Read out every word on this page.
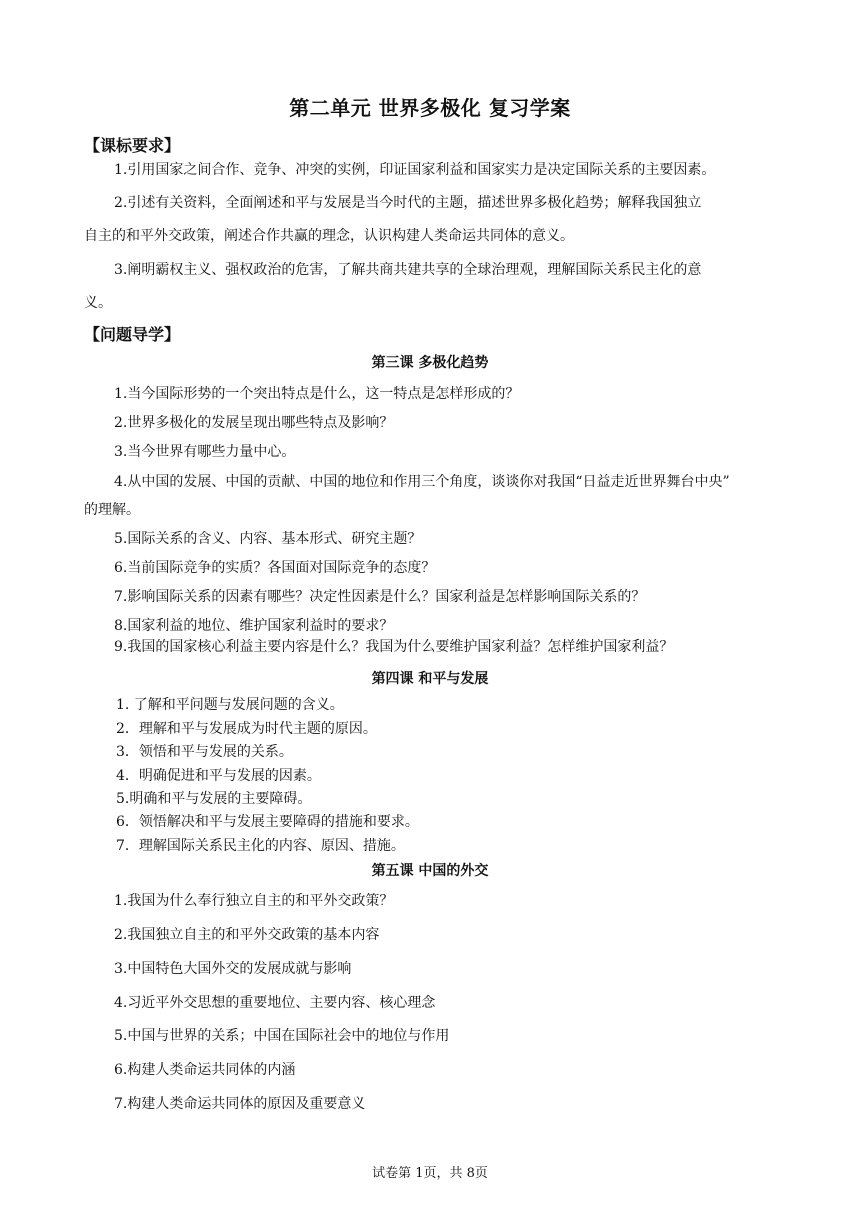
第二单元 世界多极化 复习学案
【课标要求】
1.引用国家之间合作、竞争、冲突的实例，印证国家利益和国家实力是决定国际关系的主要因素。
2.引述有关资料，全面阐述和平与发展是当今时代的主题，描述世界多极化趋势；解释我国独立
自主的和平外交政策，阐述合作共赢的理念，认识构建人类命运共同体的意义。
3.阐明霸权主义、强权政治的危害，了解共商共建共享的全球治理观，理解国际关系民主化的意
义。
【问题导学】
第三课 多极化趋势
1.当今国际形势的一个突出特点是什么，这一特点是怎样形成的？
2.世界多极化的发展呈现出哪些特点及影响？
3.当今世界有哪些力量中心。
4.从中国的发展、中国的贡献、中国的地位和作用三个角度，谈谈你对我国“日益走近世界舞台中央”
的理解。
5.国际关系的含义、内容、基本形式、研究主题？
6.当前国际竞争的实质？各国面对国际竞争的态度？
7.影响国际关系的因素有哪些？决定性因素是什么？国家利益是怎样影响国际关系的？
8.国家利益的地位、维护国家利益时的要求？
9.我国的国家核心利益主要内容是什么？我国为什么要维护国家利益？怎样维护国家利益？
第四课 和平与发展
1. 了解和平问题与发展问题的含义。
2．理解和平与发展成为时代主题的原因。
3．领悟和平与发展的关系。
4．明确促进和平与发展的因素。
5.明确和平与发展的主要障碍。
6．领悟解决和平与发展主要障碍的措施和要求。
7．理解国际关系民主化的内容、原因、措施。
第五课 中国的外交
1.我国为什么奉行独立自主的和平外交政策？
2.我国独立自主的和平外交政策的基本内容
3.中国特色大国外交的发展成就与影响
4.习近平外交思想的重要地位、主要内容、核心理念
5.中国与世界的关系；中国在国际社会中的地位与作用
6.构建人类命运共同体的内涵
7.构建人类命运共同体的原因及重要意义
试卷第 1页，共 8页
